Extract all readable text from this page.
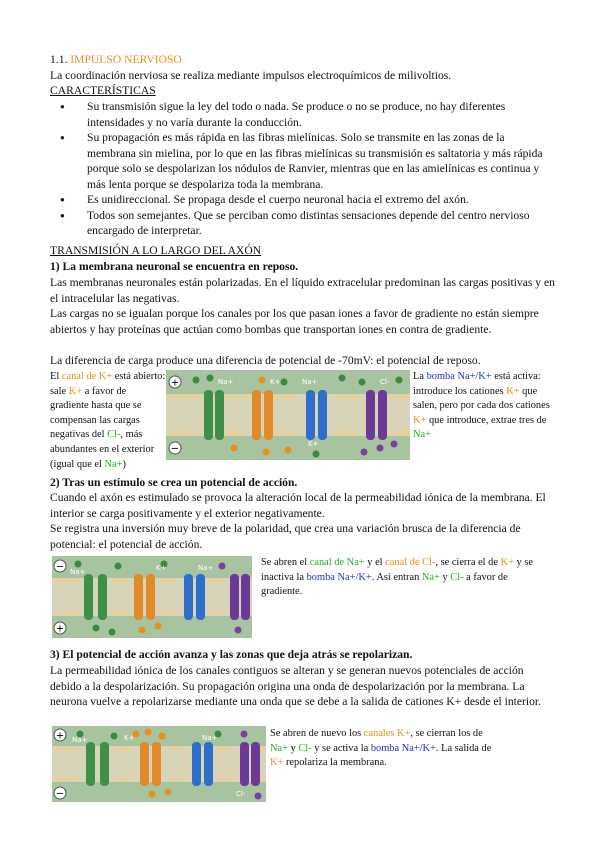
1.1. IMPULSO NERVIOSO

La coordinación nerviosa se realiza mediante impulsos electroquímicos de milivoltios.

CARACTERÍSTICAS

● Su transmisión sigue la ley del todo o nada. Se produce o no se produce, no hay diferentes intensidades y no varía durante la conducción.
● Su propagación es más rápida en las fibras mielínicas. Solo se transmite en las zonas de la membrana sin mielina, por lo que en las fibras mielínicas su transmisión es saltatoria y más rápida porque solo se despolarizan los nódulos de Ranvier, mientras que en las amielínicas es continua y más lenta porque se despolariza toda la membrana.
● Es unidireccional. Se propaga desde el cuerpo neuronal hacia el extremo del axón.
● Todos son semejantes. Que se perciban como distintas sensaciones depende del centro nervioso encargado de interpretar.

TRANSMISIÓN A LO LARGO DEL AXÓN

1) La membrana neuronal se encuentra en reposo.

Las membranas neuronales están polarizadas. En el líquido extracelular predominan las cargas positivas y en el intracelular las negativas.

Las cargas no se igualan porque los canales por los que pasan iones a favor de gradiente no están siempre abiertos y hay proteínas que actúan como bombas que transportan iones en contra de gradiente.

La diferencia de carga produce una diferencia de potencial de -70mV: el potencial de reposo.

El canal de K+ está abierto: sale K+ a favor de gradiente hasta que se compensan las cargas negativas del Cl-, más abundantes en el exterior (igual que el Na+)

La bomba Na+/K+ está activa: introduce los cationes K+ que salen, pero por cada dos cationes K+ que introduce, extrae tres de Na+

+
−
Na+	K+	Na+	Cl-
K+

2) Tras un estímulo se crea un potencial de acción.

Cuando el axón es estimulado se provoca la alteración local de la permeabilidad iónica de la membrana. El interior se carga positivamente y el exterior negativamente.

Se registra una inversión muy breve de la polaridad, que crea una variación brusca de la diferencia de potencial: el potencial de acción.

−
+
Na+	K+	Na+	Se abren el canal de Na+ y el canal de Cl-, se cierra el de K+ y se inactiva la bomba Na+/K+. Así entran Na+ y Cl- a favor de gradiente.

3) El potencial de acción avanza y las zonas que deja atrás se repolarizan.

La permeabilidad iónica de los canales contiguos se alteran y se generan nuevos potenciales de acción debido a la despolarización. Su propagación origina una onda de despolarización por la membrana. La neurona vuelve a repolarizarse mediante una onda que se debe a la salida de cationes K+ desde el interior.

+
−
Na+	K+	Na+
Cl-

Se abren de nuevo los canales K+, se cierran los de Na+ y Cl- y se activa la bomba Na+/K+. La salida de K+ repolariza la membrana.
